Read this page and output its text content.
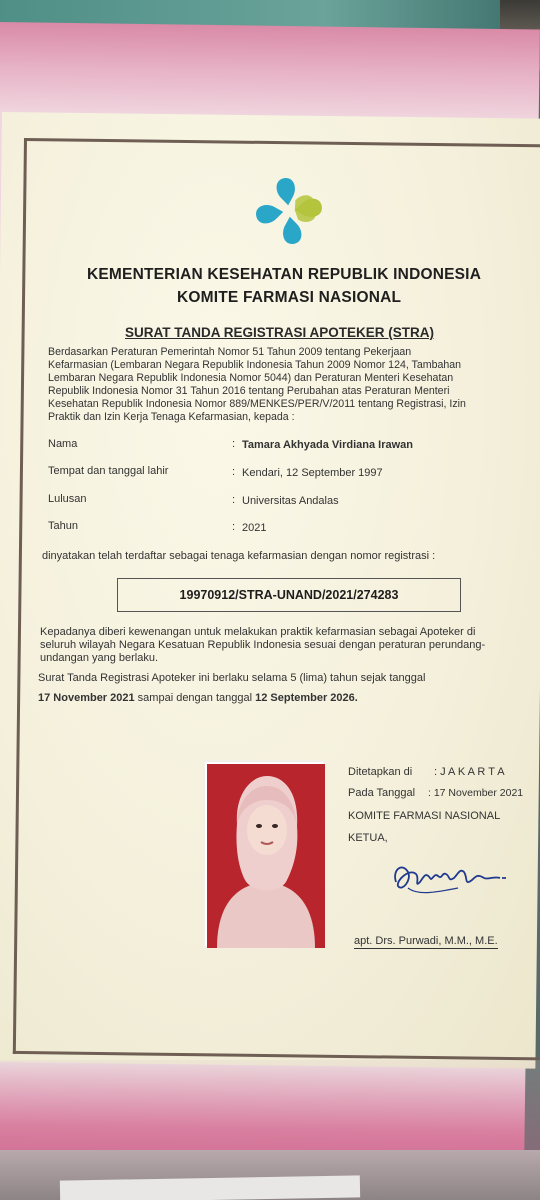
KEMENTERIAN KESEHATAN REPUBLIK INDONESIA
KOMITE FARMASI NASIONAL
SURAT TANDA REGISTRASI APOTEKER (STRA)
Berdasarkan Peraturan Pemerintah Nomor 51 Tahun 2009 tentang Pekerjaan
Kefarmasian (Lembaran Negara Republik Indonesia Tahun 2009 Nomor 124, Tambahan
Lembaran Negara Republik Indonesia Nomor 5044) dan Peraturan Menteri Kesehatan
Republik Indonesia Nomor 31 Tahun 2016 tentang Perubahan atas Peraturan Menteri
Kesehatan Republik Indonesia Nomor 889/MENKES/PER/V/2011 tentang Registrasi, Izin
Praktik dan Izin Kerja Tenaga Kefarmasian, kepada :
Nama	: Tamara Akhyada Virdiana Irawan
Tempat dan tanggal lahir	: Kendari, 12 September 1997
Lulusan	: Universitas Andalas
Tahun	: 2021
dinyatakan telah terdaftar sebagai tenaga kefarmasian dengan nomor registrasi :
19970912/STRA-UNAND/2021/274283
Kepadanya diberi kewenangan untuk melakukan praktik kefarmasian sebagai Apoteker di
seluruh wilayah Negara Kesatuan Republik Indonesia sesuai dengan peraturan perundang-
undangan yang berlaku.
Surat Tanda Registrasi Apoteker ini berlaku selama 5 (lima) tahun sejak tanggal
17 November 2021 sampai dengan tanggal 12 September 2026.
Ditetapkan di : J A K A R T A
Pada Tanggal : 17 November 2021
KOMITE FARMASI NASIONAL
KETUA,
apt. Drs. Purwadi, M.M., M.E.
